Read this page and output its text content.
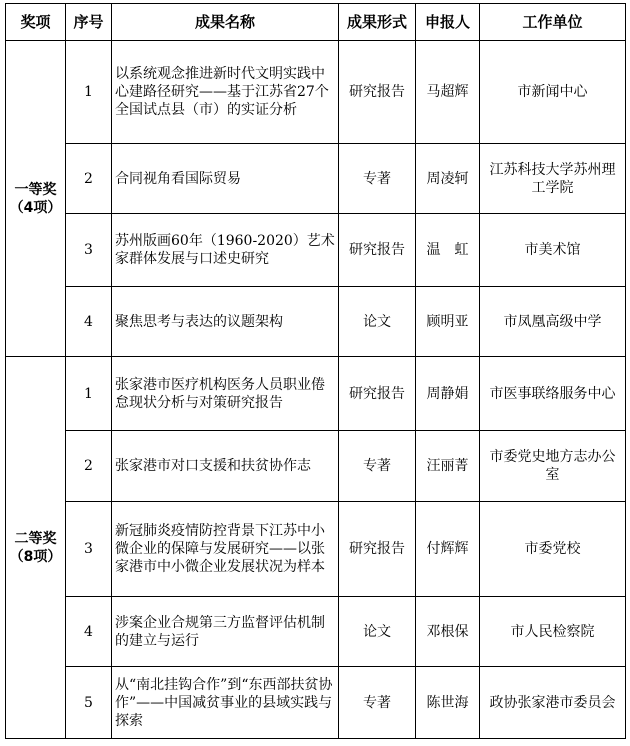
奖项	序号	成果名称	成果形式	申报人	工作单位

一等奖
（4项）	1	以系统观念推进新时代文明实践中心建路径研究——基于江苏省27个全国试点县（市）的实证分析	研究报告	马超辉	市新闻中心
	2	合同视角看国际贸易	专著	周凌轲	江苏科技大学苏州理工学院
	3	苏州版画60年（1960-2020）艺术家群体发展与口述史研究	研究报告	温　虹	市美术馆
	4	聚焦思考与表达的议题架构	论文	顾明亚	市凤凰高级中学

二等奖
（8项）	1	张家港市医疗机构医务人员职业倦怠现状分析与对策研究报告	研究报告	周静娟	市医事联络服务中心
	2	张家港市对口支援和扶贫协作志	专著	汪丽菁	市委党史地方志办公室
	3	新冠肺炎疫情防控背景下江苏中小微企业的保障与发展研究——以张家港市中小微企业发展状况为样本	研究报告	付辉辉	市委党校
	4	涉案企业合规第三方监督评估机制的建立与运行	论文	邓根保	市人民检察院
	5	从“南北挂钩合作”到“东西部扶贫协作”——中国减贫事业的县域实践与探索	专著	陈世海	政协张家港市委员会
